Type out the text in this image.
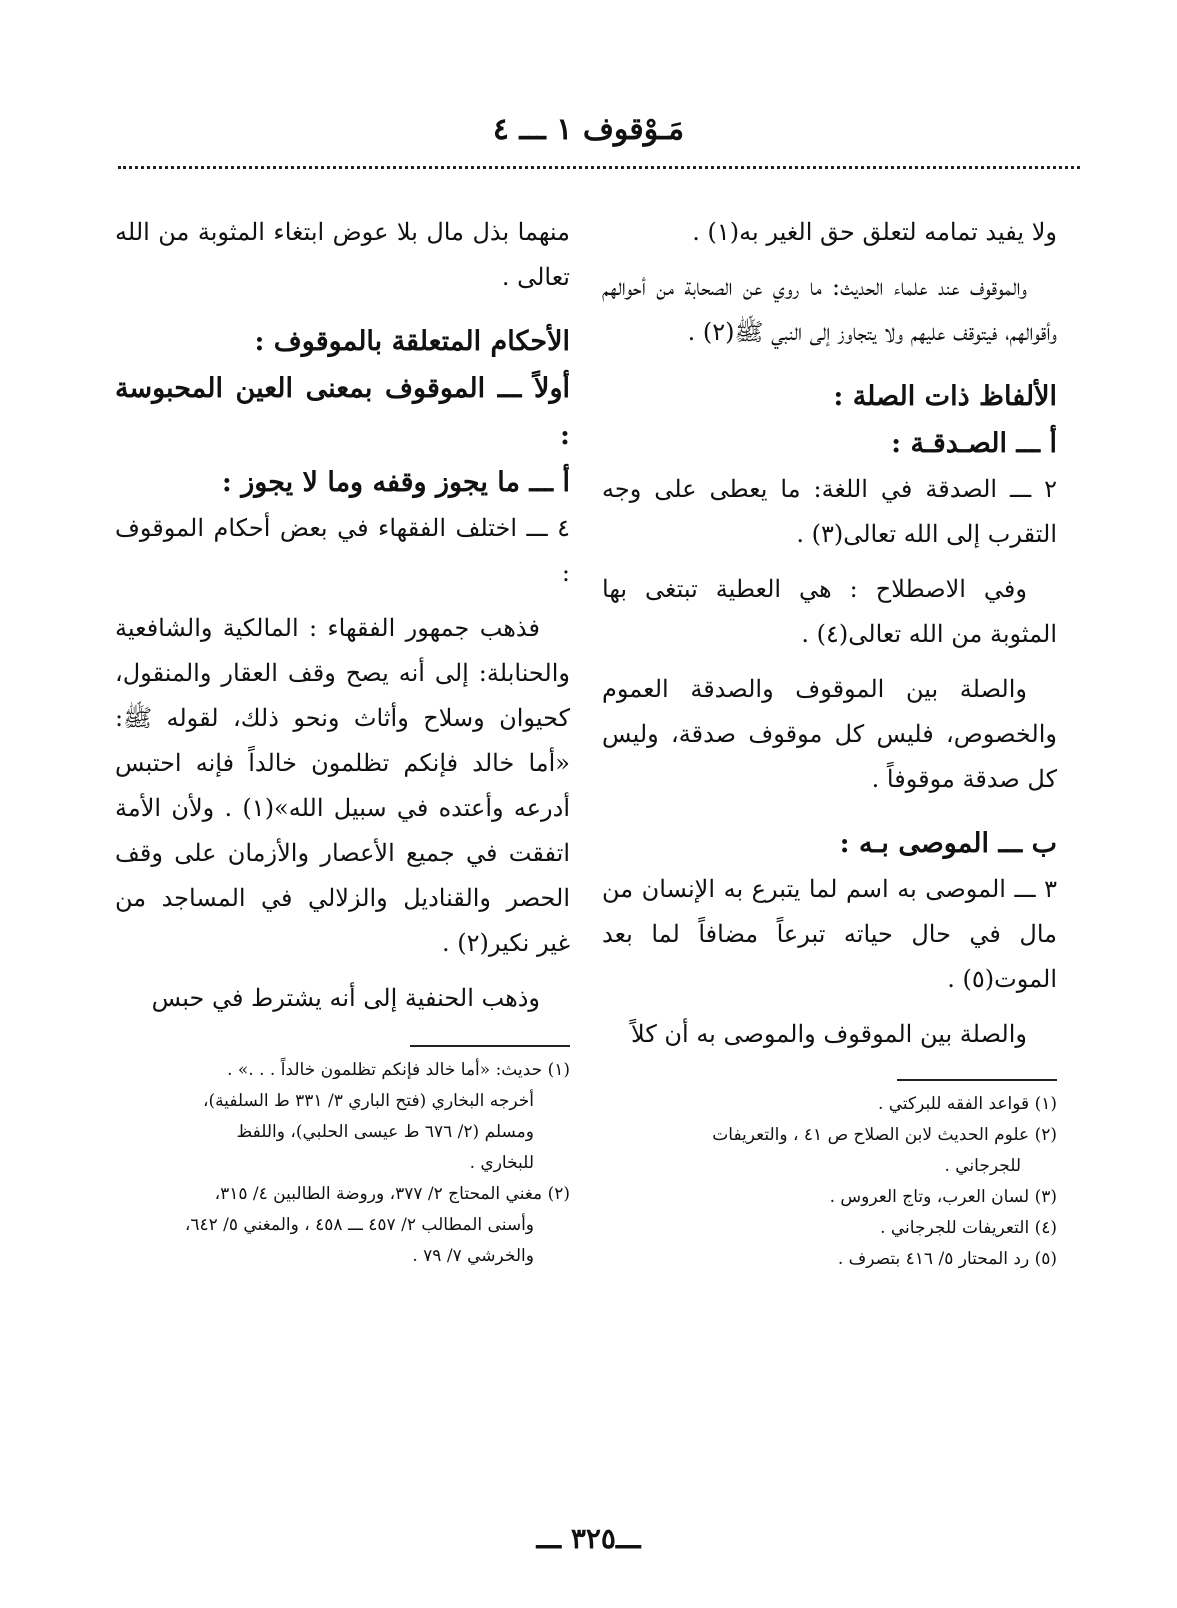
مَـوْقوف ١ ـــ ٤

ولا يفيد تمامه لتعلق حق الغير به(١) .

والموقوف عند علماء الحديث: ما روي عن الصحابة من أحوالهم وأقوالهم، فيتوقف عليهم ولا يتجاوز إلى النبي ﷺ(٢) .

الألفاظ ذات الصلة :

أ ـــ الصـدقـة :

٢ ـــ الصدقة في اللغة: ما يعطى على وجه التقرب إلى الله تعالى(٣) .

وفي الاصطلاح : هي العطية تبتغى بها المثوبة من الله تعالى(٤) .

والصلة بين الموقوف والصدقة العموم والخصوص، فليس كل موقوف صدقة، وليس كل صدقة موقوفاً .

ب ـــ الموصى بـه :

٣ ـــ الموصى به اسم لما يتبرع به الإنسان من مال في حال حياته تبرعاً مضافاً لما بعد الموت(٥) .

والصلة بين الموقوف والموصى به أن كلاً

(١) قواعد الفقه للبركتي .

(٢) علوم الحديث لابن الصلاح ص ٤١ ، والتعريفات

للجرجاني .

(٣) لسان العرب، وتاج العروس .

(٤) التعريفات للجرجاني .

(٥) رد المحتار ٥/ ٤١٦ بتصرف .

منهما بذل مال بلا عوض ابتغاء المثوبة من الله تعالى .

الأحكام المتعلقة بالموقوف :

أولاً ـــ الموقوف بمعنى العين المحبوسة :

أ ـــ ما يجوز وقفه وما لا يجوز :

٤ ـــ اختلف الفقهاء في بعض أحكام الموقوف :

فذهب جمهور الفقهاء : المالكية والشافعية والحنابلة: إلى أنه يصح وقف العقار والمنقول، كحيوان وسلاح وأثاث ونحو ذلك، لقوله ﷺ: «أما خالد فإنكم تظلمون خالداً فإنه احتبس أدرعه وأعتده في سبيل الله»(١) . ولأن الأمة اتفقت في جميع الأعصار والأزمان على وقف الحصر والقناديل والزلالي في المساجد من غير نكير(٢) .

وذهب الحنفية إلى أنه يشترط في حبس

(١) حديث: «أما خالد فإنكم تظلمون خالداً . . .» .

أخرجه البخاري (فتح الباري ٣/ ٣٣١ ط السلفية)،

ومسلم (٢/ ٦٧٦ ط عيسى الحلبي)، واللفظ

للبخاري .

(٢) مغني المحتاج ٢/ ٣٧٧، وروضة الطالبين ٤/ ٣١٥،

وأسنى المطالب ٢/ ٤٥٧ ـــ ٤٥٨ ، والمغني ٥/ ٦٤٢،

والخرشي ٧/ ٧٩ .

ـــ٣٢٥ ـــ
